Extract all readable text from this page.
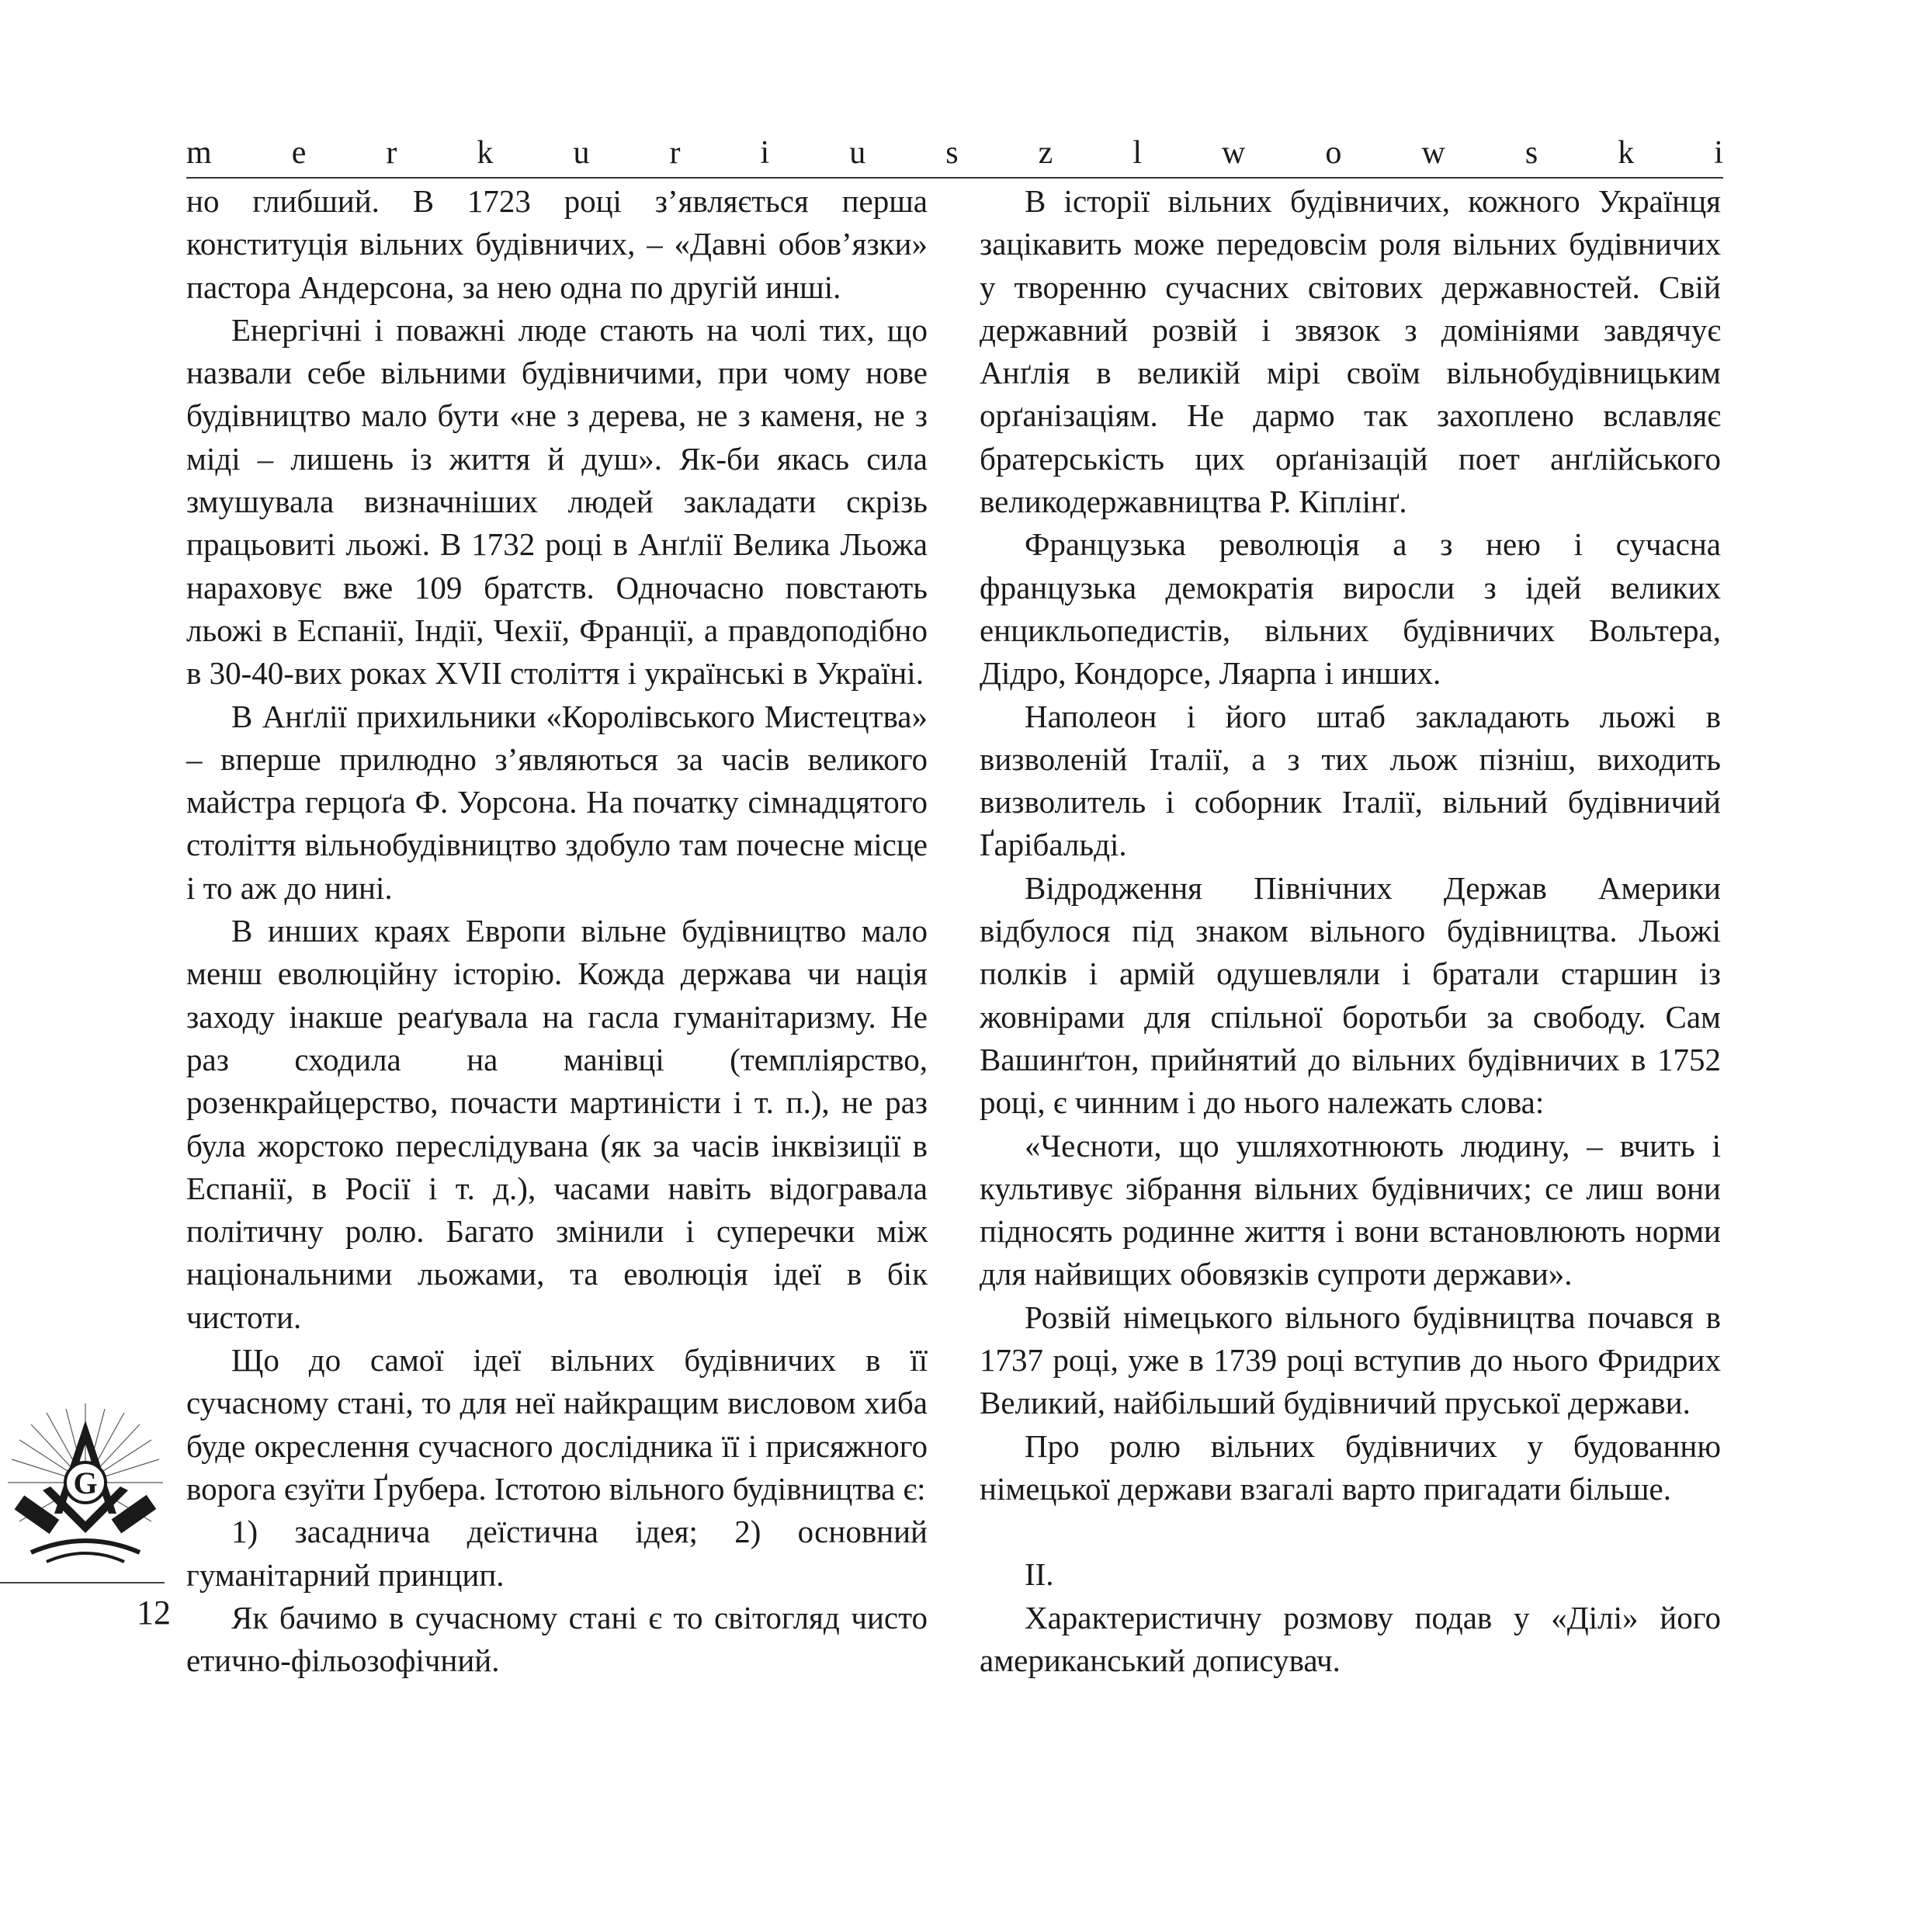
m e r k u r i u s z l w o w s k i

но глибший. В 1723 році з’являється перша конституція вільних будівничих, – «Давні обов’язки» пастора Андерсона, за нею одна по другій инші.

Енергічні і поважні люде стають на чолі тих, що назвали себе вільними будівничими, при чому нове будівництво мало бути «не з дерева, не з каменя, не з міді – лишень із життя й душ». Як-би якась сила змушувала визначніших людей закладати скрізь працьовиті льожі. В 1732 році в Анґлії Велика Льожа нараховує вже 109 братств. Одночасно повстають льожі в Еспанії, Індії, Чехії, Франції, а правдоподібно в 30-40-вих роках XVII століття і українські в Україні.

В Анґлії прихильники «Королівського Мистецтва» – вперше прилюдно з’являються за часів великого майстра герцоґа Ф. Уорсона. На початку сімнадцятого століття вільнобудівництво здобуло там почесне місце і то аж до нині.

В инших краях Европи вільне будівництво мало менш еволюційну історію. Кожда держава чи нація заходу інакше реаґувала на гасла гуманітаризму. Не раз сходила на манівці (темпліярство, розенкрайцерство, почасти мартиністи і т. п.), не раз була жорстоко переслідувана (як за часів інквізиції в Еспанії, в Росії і т. д.), часами навіть відогравала політичну ролю. Багато змінили і суперечки між національними льожами, та еволюція ідеї в бік чистоти.

Що до самої ідеї вільних будівничих в її сучасному стані, то для неї найкращим висловом хиба буде окреслення сучасного дослідника її і присяжного ворога єзуїти Ґрубера. Істотою вільного будівництва є:

1) засаднича деїстична ідея; 2) основний гуманітарний принцип.

Як бачимо в сучасному стані є то світогляд чисто етично-фільозофічний.

В історії вільних будівничих, кожного Українця зацікавить може передовсім роля вільних будівничих у творенню сучасних світових державностей. Свій державний розвій і звязок з домініями завдячує Анґлія в великій мірі своїм вільнобудівницьким орґанізаціям. Не дармо так захоплено вславляє братерськість цих орґанізацій поет анґлійського великодержавництва Р. Кіплінґ.

Французька революція а з нею і сучасна французька демократія виросли з ідей великих енцикльопедистів, вільних будівничих Вольтера, Дідро, Кондорсе, Ляарпа і инших.

Наполеон і його штаб закладають льожі в визволеній Італії, а з тих льож пізніш, виходить визволитель і соборник Італії, вільний будівничий Ґарібальді.

Відродження Північних Держав Америки відбулося під знаком вільного будівництва. Льожі полків і армій одушевляли і братали старшин із жовнірами для спільної боротьби за свободу. Сам Вашинґтон, прийнятий до вільних будівничих в 1752 році, є чинним і до нього належать слова:

«Чесноти, що ушляхотнюють людину, – вчить і культивує зібрання вільних будівничих; се лиш вони підносять родинне життя і вони встановлюють норми для найвищих обовязків супроти держави».

Розвій німецького вільного будівництва почався в 1737 році, уже в 1739 році вступив до нього Фридрих Великий, найбільший будівничий пруської держави.

Про ролю вільних будівничих у будованню німецької держави взагалі варто пригадати більше.

II.

Характеристичну розмову подав у «Ділі» його американський дописувач.

G
12
